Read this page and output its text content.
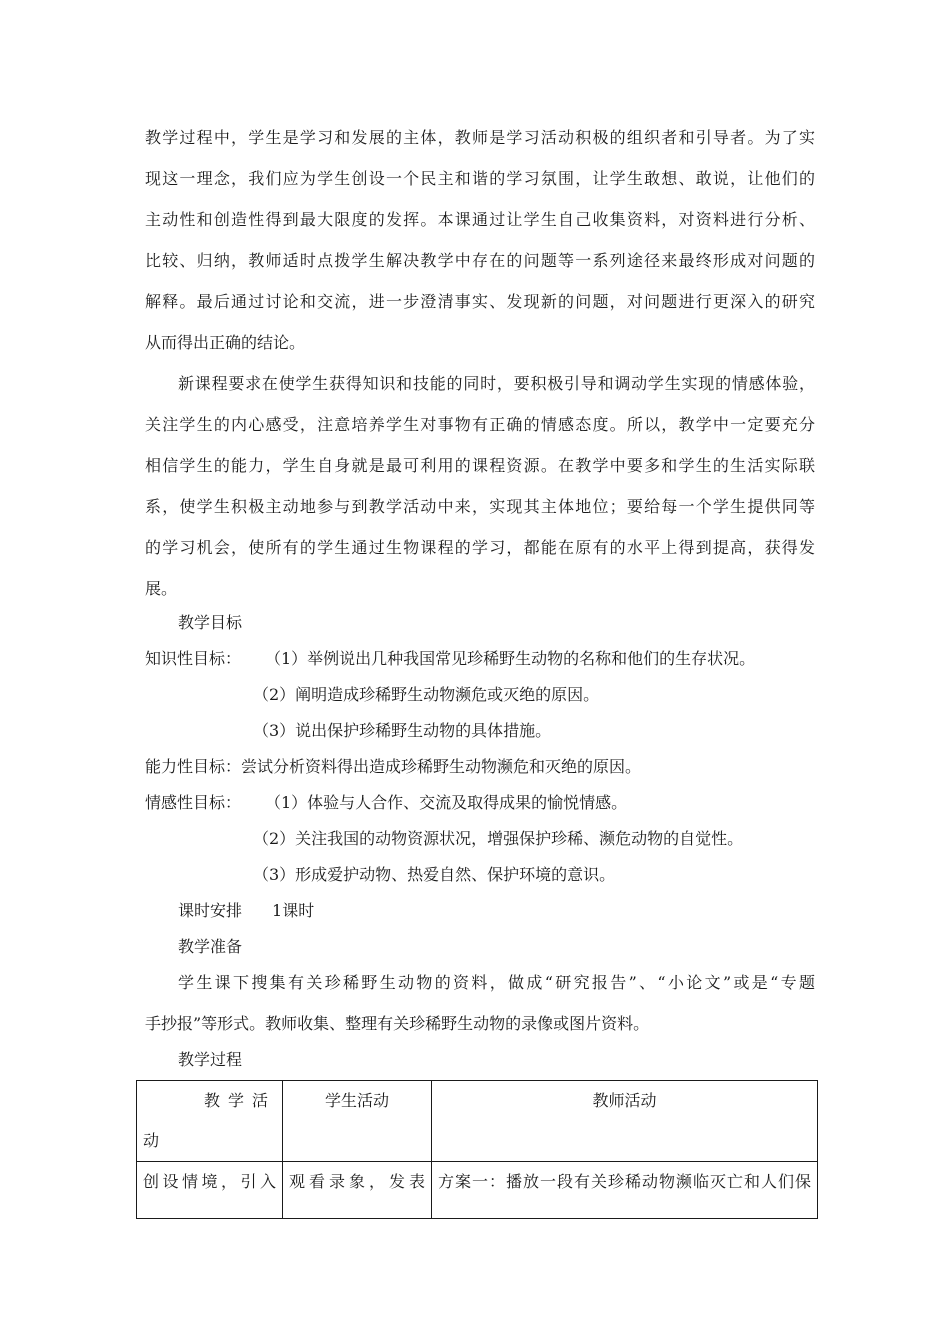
教学过程中，学生是学习和发展的主体，教师是学习活动积极的组织者和引导者。为了实
现这一理念，我们应为学生创设一个民主和谐的学习氛围，让学生敢想、敢说，让他们的
主动性和创造性得到最大限度的发挥。本课通过让学生自己收集资料，对资料进行分析、
比较、归纳，教师适时点拨学生解决教学中存在的问题等一系列途径来最终形成对问题的
解释。最后通过讨论和交流，进一步澄清事实、发现新的问题，对问题进行更深入的研究
从而得出正确的结论。
新课程要求在使学生获得知识和技能的同时，要积极引导和调动学生实现的情感体验，
关注学生的内心感受，注意培养学生对事物有正确的情感态度。所以，教学中一定要充分
相信学生的能力，学生自身就是最可利用的课程资源。在教学中要多和学生的生活实际联
系，使学生积极主动地参与到教学活动中来，实现其主体地位；要给每一个学生提供同等
的学习机会，使所有的学生通过生物课程的学习，都能在原有的水平上得到提高，获得发
展。
教学目标
知识性目标： （1）举例说出几种我国常见珍稀野生动物的名称和他们的生存状况。
（2）阐明造成珍稀野生动物濒危或灭绝的原因。
（3）说出保护珍稀野生动物的具体措施。
能力性目标：尝试分析资料得出造成珍稀野生动物濒危和灭绝的原因。
情感性目标： （1）体验与人合作、交流及取得成果的愉悦情感。
（2）关注我国的动物资源状况，增强保护珍稀、濒危动物的自觉性。
（3）形成爱护动物、热爱自然、保护环境的意识。
课时安排 1课时
教学准备
学生课下搜集有关珍稀野生动物的资料，做成“研究报告”、“小论文”或是“专题
手抄报”等形式。教师收集、整理有关珍稀野生动物的录像或图片资料。
教学过程
教学活
动	学生活动	教师活动

创设情境，引入	观看录象，发表	方案一：播放一段有关珍稀动物濒临灭亡和人们保
